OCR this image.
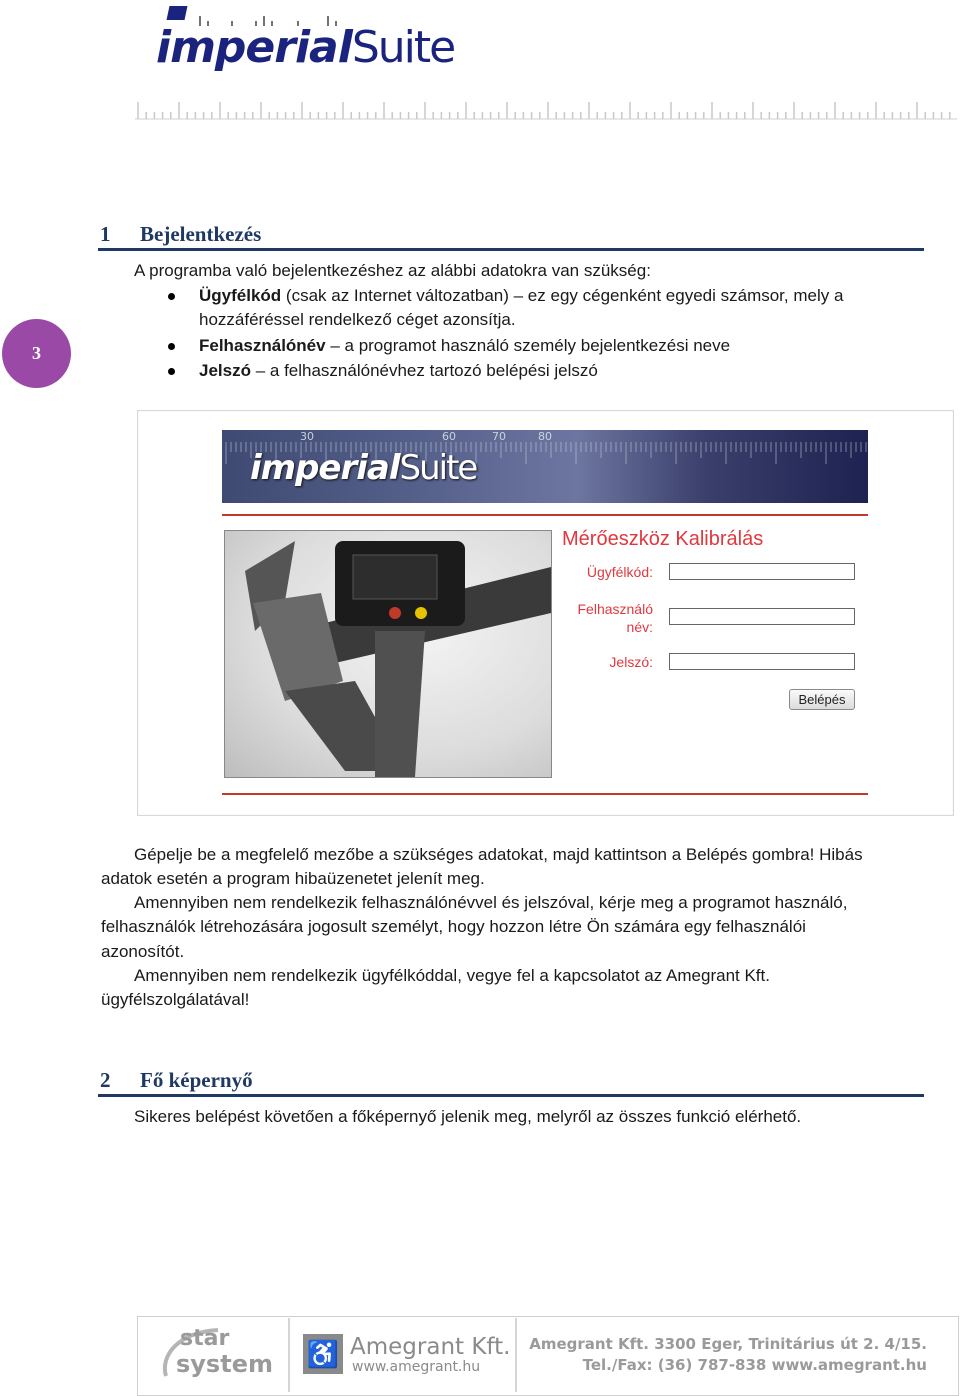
imperialSuite
3
1 Bejelentkezés
A programba való bejelentkezéshez az alábbi adatokra van szükség:
Ügyfélkód (csak az Internet változatban) – ez egy cégenként egyedi számsor, mely a
hozzáféréssel rendelkező céget azonsítja.
Felhasználónév – a programot használó személy bejelentkezési neve
Jelszó – a felhasználónévhez tartozó belépési jelszó
30	60	70	80
imperialSuite
Mérőeszköz Kalibrálás
Ügyfélkód:
Felhasználó
név:
Jelszó:
Belépés
Gépelje be a megfelelő mezőbe a szükséges adatokat, majd kattintson a Belépés gombra! Hibás
adatok esetén a program hibaüzenetet jelenít meg.
Amennyiben nem rendelkezik felhasználónévvel és jelszóval, kérje meg a programot használó,
felhasználók létrehozására jogosult személyt, hogy hozzon létre Ön számára egy felhasználói
azonosítót.
Amennyiben nem rendelkezik ügyfélkóddal, vegye fel a kapcsolatot az Amegrant Kft.
ügyfélszolgálatával!
2 Fő képernyő
Sikeres belépést követően a főképernyő jelenik meg, melyről az összes funkció elérhető.
star
system ♿ Amegrant Kft.
www.amegrant.hu
Amegrant Kft. 3300 Eger, Trinitárius út 2. 4/15.
Tel./Fax: (36) 787-838 www.amegrant.hu
